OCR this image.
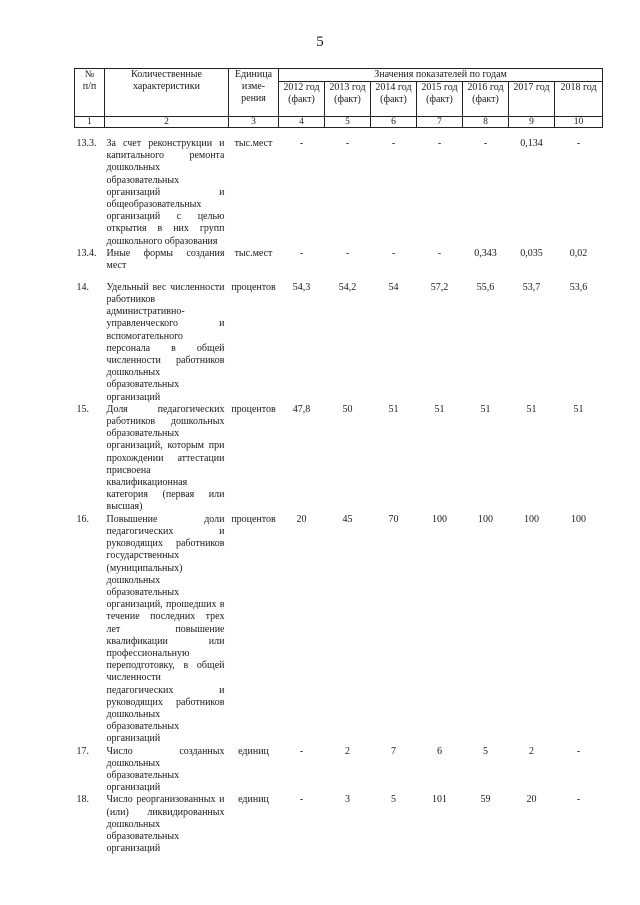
5
№
п/п	Количественные характеристики	Единица изме-рения	Значения показателей по годам						
			2012 год (факт)	2013 год (факт)	2014 год (факт)	2015 год (факт)	2016 год (факт)	2017 год	2018 год
1	2	3	4	5	6	7	8	9	10
13.3.	За счет реконструкции и капитального ремонта дошкольных образовательных организаций и общеобразовательных организаций с целью открытия в них групп дошкольного образования	тыс.мест	-	-	-	-	-	0,134	-
13.4.	Иные формы создания мест	тыс.мест	-	-	-	-	0,343	0,035	0,02
14.	Удельный вес численности работников административно-управленческого и вспомогательного персонала в общей численности работников дошкольных образовательных организаций	процентов	54,3	54,2	54	57,2	55,6	53,7	53,6
15.	Доля педагогических работников дошкольных образовательных организаций, которым при прохождении аттестации присвоена квалификационная категория (первая или высшая)	процентов	47,8	50	51	51	51	51	51
16.	Повышение доли педагогических и руководящих работников государственных (муниципальных) дошкольных образовательных организаций, прошедших в течение последних трех лет повышение квалификации или профессиональную переподготовку, в общей численности педагогических и руководящих работников дошкольных образовательных организаций	процентов	20	45	70	100	100	100	100
17.	Число созданных дошкольных образовательных организаций	единиц	-	2	7	6	5	2	-
18.	Число реорганизованных и (или) ликвидированных дошкольных образовательных организаций	единиц	-	3	5	101	59	20	-
